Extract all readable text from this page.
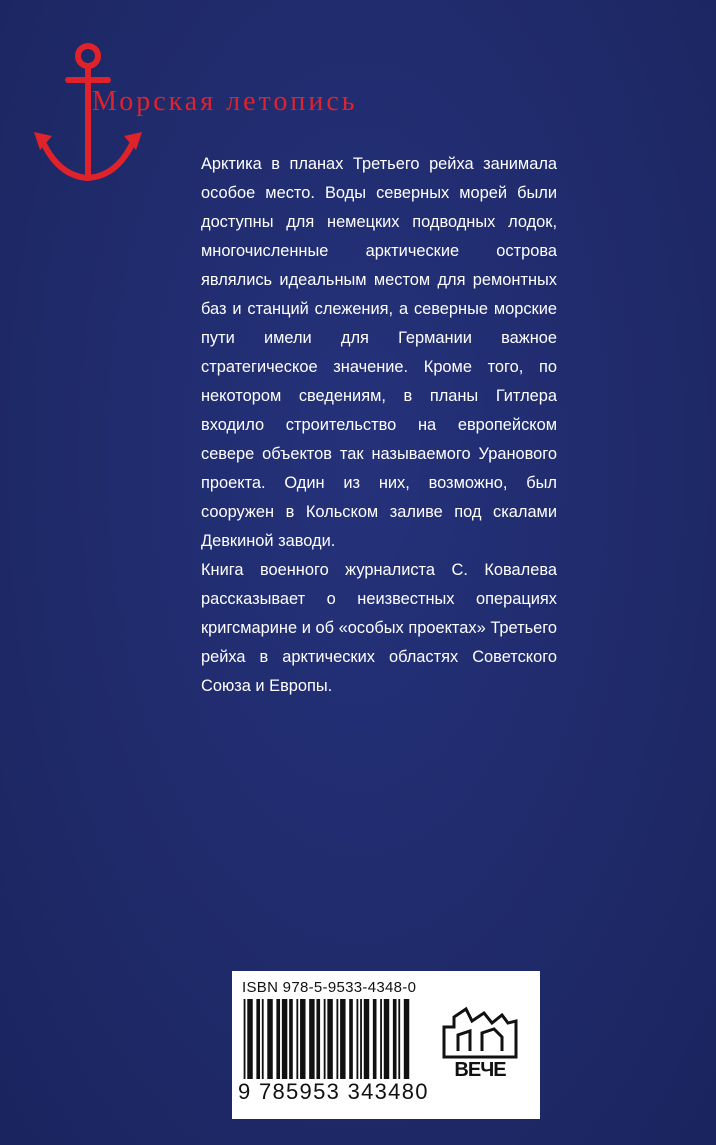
Морская летопись

Арктика в планах Третьего рейха занимала особое место. Воды северных морей были доступны для немецких подводных лодок, многочисленные арктические острова являлись идеальным местом для ремонтных баз и станций слежения, а северные морские пути имели для Германии важное стратегическое значение. Кроме того, по некотором сведениям, в планы Гитлера входило строительство на европейском севере объектов так называемого Уранового проекта. Один из них, возможно, был сооружен в Кольском заливе под скалами Девкиной заводи.

Книга военного журналиста С. Ковалева рассказывает о неизвестных операциях кригсмарине и об «особых проектах» Третьего рейха в арктических областях Советского Союза и Европы.

ISBN 978-5-9533-4348-0
9 785953 343480
ВЕЧЕ
